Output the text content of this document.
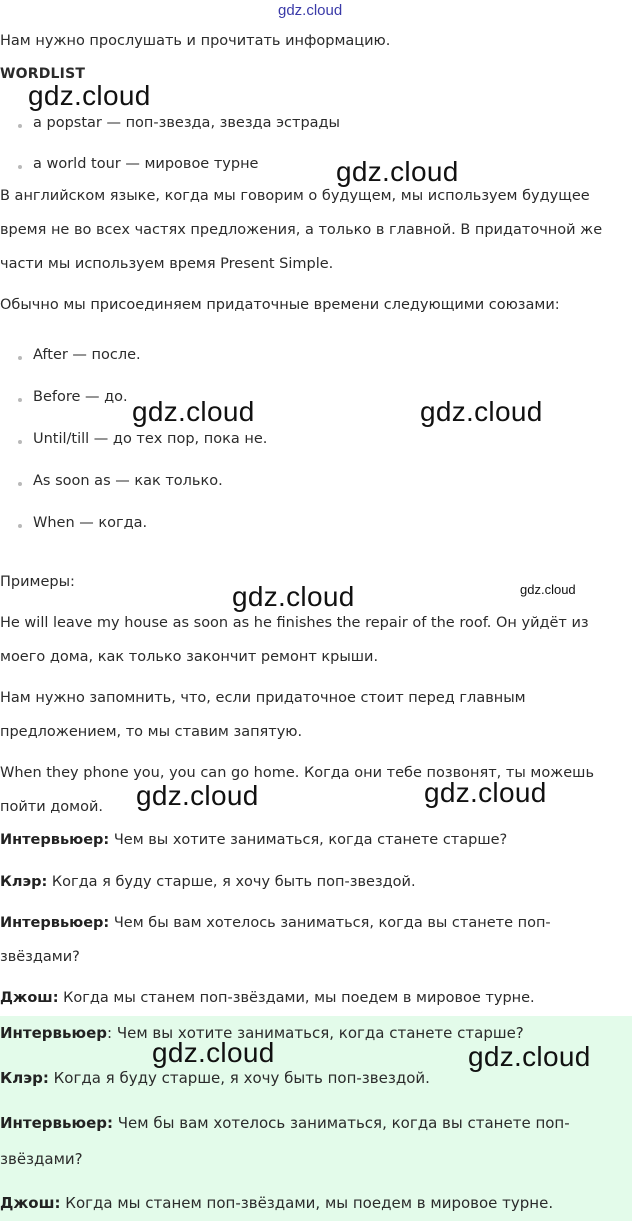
gdz.cloud
Нам нужно прослушать и прочитать информацию.
WORDLIST
a popstar — поп-звезда, звезда эстрады
a world tour — мировое турне
В английском языке, когда мы говорим о будущем, мы используем будущее
время не во всех частях предложения, а только в главной. В придаточной же
части мы используем время Present Simple.
Обычно мы присоединяем придаточные времени следующими союзами:
After — после.
Before — до.
Until/till — до тех пор, пока не.
As soon as — как только.
When — когда.
Примеры:
He will leave my house as soon as he finishes the repair of the roof. Он уйдёт из
моего дома, как только закончит ремонт крыши.
Нам нужно запомнить, что, если придаточное стоит перед главным
предложением, то мы ставим запятую.
When they phone you, you can go home. Когда они тебе позвонят, ты можешь
пойти домой.
Интервьюер: Чем вы хотите заниматься, когда станете старше?
Клэр: Когда я буду старше, я хочу быть поп-звездой.
Интервьюер: Чем бы вам хотелось заниматься, когда вы станете поп-
звёздами?
Джош: Когда мы станем поп-звёздами, мы поедем в мировое турне.
Интервьюер: Чем вы хотите заниматься, когда станете старше?
Клэр: Когда я буду старше, я хочу быть поп-звездой.
Интервьюер: Чем бы вам хотелось заниматься, когда вы станете поп-
звёздами?
Джош: Когда мы станем поп-звёздами, мы поедем в мировое турне.
gdz.cloud
gdz.cloud
gdz.cloud	gdz.cloud
gdz.cloud	gdz.cloud
gdz.cloud	gdz.cloud
gdz.cloud	gdz.cloud
